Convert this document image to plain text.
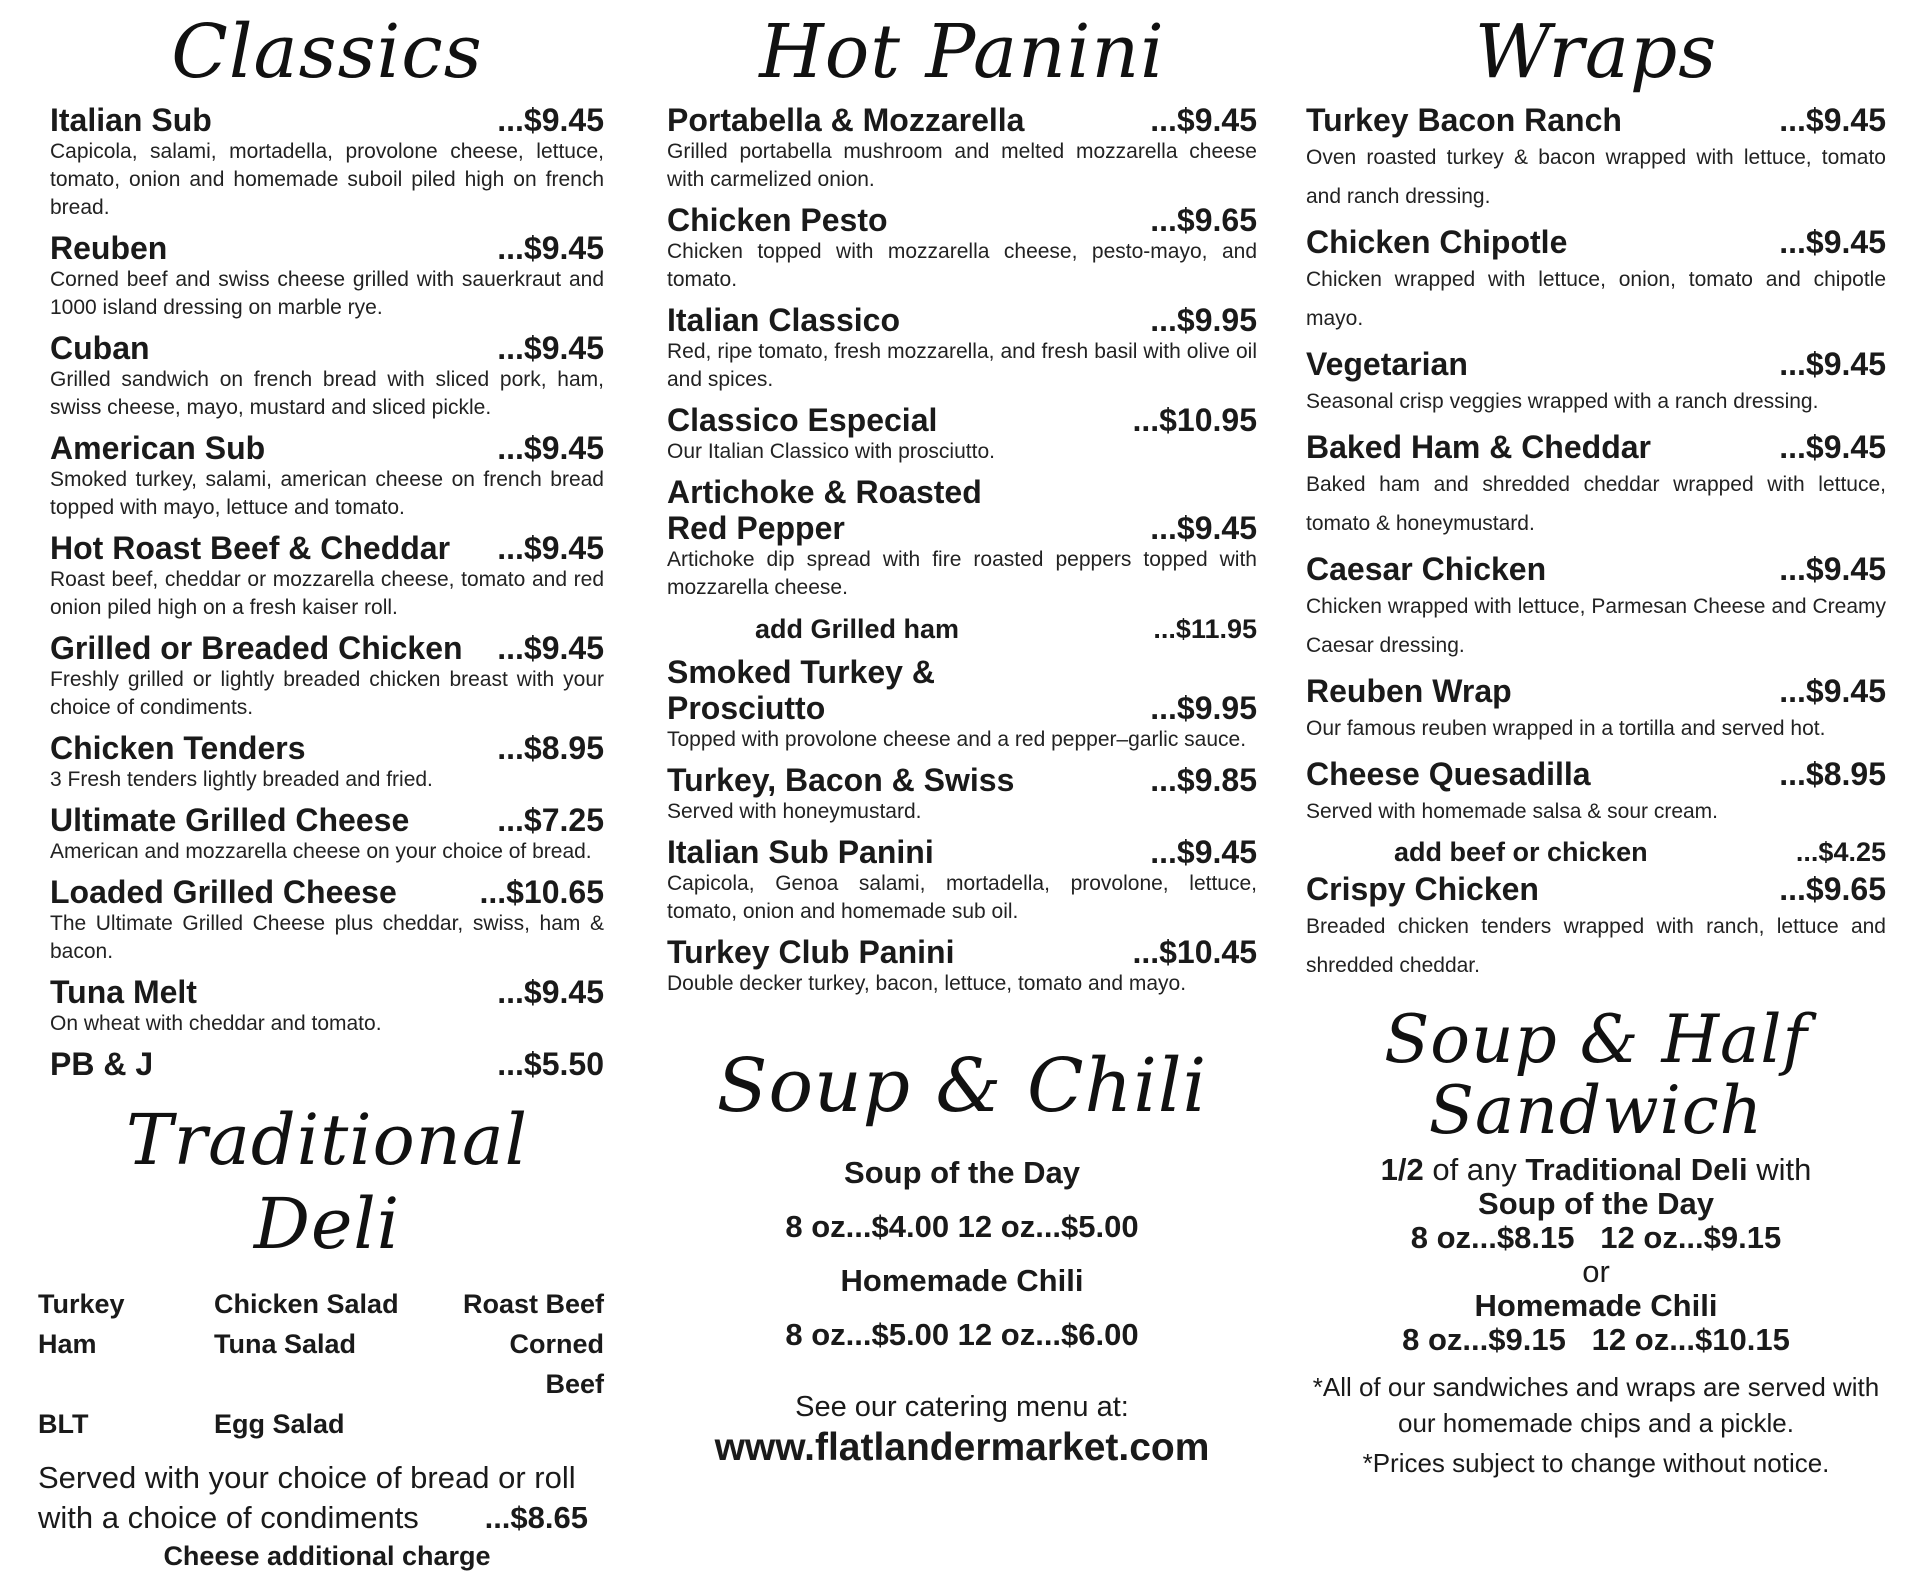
Classics
Italian Sub	...$9.45
Capicola, salami, mortadella, provolone cheese, lettuce, tomato, onion and homemade suboil piled high on french bread.
Reuben	...$9.45
Corned beef and swiss cheese grilled with sauerkraut and 1000 island dressing on marble rye.
Cuban	...$9.45
Grilled sandwich on french bread with sliced pork, ham, swiss cheese, mayo, mustard and sliced pickle.
American Sub	...$9.45
Smoked turkey, salami, american cheese on french bread topped with mayo, lettuce and tomato.
Hot Roast Beef & Cheddar ...$9.45
Roast beef, cheddar or mozzarella cheese, tomato and red onion piled high on a fresh kaiser roll.
Grilled or Breaded Chicken ...$9.45
Freshly grilled or lightly breaded chicken breast with your choice of condiments.
Chicken Tenders	...$8.95
3 Fresh tenders lightly breaded and fried.
Ultimate Grilled Cheese	...$7.25
American and mozzarella cheese on your choice of bread.
Loaded Grilled Cheese	...$10.65
The Ultimate Grilled Cheese plus cheddar, swiss, ham & bacon.
Tuna Melt	...$9.45
On wheat with cheddar and tomato.
PB & J	...$5.50
Traditional Deli
Turkey	Chicken Salad	Roast Beef
Ham	Tuna Salad	Corned Beef
BLT	Egg Salad
Served with your choice of bread or roll
with a choice of condiments ...$8.65
Cheese additional charge
Hot Panini
Portabella & Mozzarella	...$9.45
Grilled portabella mushroom and melted mozzarella cheese with carmelized onion.
Chicken Pesto	...$9.65
Chicken topped with mozzarella cheese, pesto-mayo, and tomato.
Italian Classico	...$9.95
Red, ripe tomato, fresh mozzarella, and fresh basil with olive oil and spices.
Classico Especial	...$10.95
Our Italian Classico with prosciutto.
Artichoke & Roasted
Red Pepper	...$9.45
Artichoke dip spread with fire roasted peppers topped with mozzarella cheese.
add Grilled ham	...$11.95
Smoked Turkey &
Prosciutto	...$9.95
Topped with provolone cheese and a red pepper–garlic sauce.
Turkey, Bacon & Swiss	...$9.85
Served with honeymustard.
Italian Sub Panini	...$9.45
Capicola, Genoa salami, mortadella, provolone, lettuce, tomato, onion and homemade sub oil.
Turkey Club Panini	...$10.45
Double decker turkey, bacon, lettuce, tomato and mayo.
Soup & Chili
Soup of the Day
8 oz...$4.00 12 oz...$5.00
Homemade Chili
8 oz...$5.00 12 oz...$6.00
See our catering menu at:
www.flatlandermarket.com
Wraps
Turkey Bacon Ranch	...$9.45
Oven roasted turkey & bacon wrapped with lettuce, tomato and ranch dressing.
Chicken Chipotle	...$9.45
Chicken wrapped with lettuce, onion, tomato and chipotle mayo.
Vegetarian	...$9.45
Seasonal crisp veggies wrapped with a ranch dressing.
Baked Ham & Cheddar	...$9.45
Baked ham and shredded cheddar wrapped with lettuce, tomato & honeymustard.
Caesar Chicken	...$9.45
Chicken wrapped with lettuce, Parmesan Cheese and Creamy Caesar dressing.
Reuben Wrap	...$9.45
Our famous reuben wrapped in a tortilla and served hot.
Cheese Quesadilla	...$8.95
Served with homemade salsa & sour cream.
add beef or chicken	...$4.25
Crispy Chicken	...$9.65
Breaded chicken tenders wrapped with ranch, lettuce and shredded cheddar.
Soup & Half
Sandwich
1/2 of any Traditional Deli with
Soup of the Day
8 oz...$8.15   12 oz...$9.15
or
Homemade Chili
8 oz...$9.15   12 oz...$10.15
*All of our sandwiches and wraps are served with our homemade chips and a pickle.
*Prices subject to change without notice.
